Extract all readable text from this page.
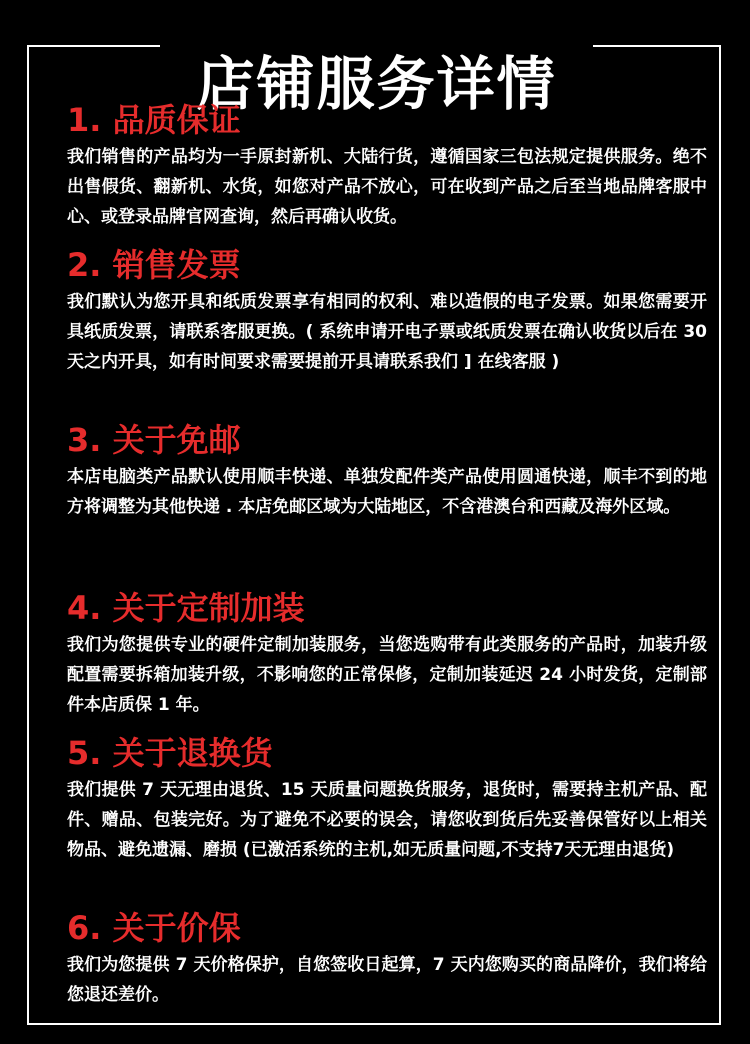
店铺服务详情
1. 品质保证

我们销售的产品均为一手原封新机、大陆行货，遵循国家三包法规定提供服务。绝不出售假货、翻新机、水货，如您对产品不放心，可在收到产品之后至当地品牌客服中心、或登录品牌官网查询，然后再确认收货。

2. 销售发票

我们默认为您开具和纸质发票享有相同的权利、难以造假的电子发票。如果您需要开具纸质发票，请联系客服更换。( 系统申请开电子票或纸质发票在确认收货以后在 30 天之内开具，如有时间要求需要提前开具请联系我们 ] 在线客服 )

3. 关于免邮

本店电脑类产品默认使用顺丰快递、单独发配件类产品使用圆通快递，顺丰不到的地方将调整为其他快递 . 本店免邮区域为大陆地区，不含港澳台和西藏及海外区域。

4. 关于定制加装

我们为您提供专业的硬件定制加装服务，当您选购带有此类服务的产品时，加装升级配置需要拆箱加装升级，不影响您的正常保修，定制加装延迟 24 小时发货，定制部件本店质保 1 年。

5. 关于退换货

我们提供 7 天无理由退货、15 天质量问题换货服务，退货时，需要持主机产品、配件、赠品、包装完好。为了避免不必要的误会，请您收到货后先妥善保管好以上相关物品、避免遗漏、磨损 (已激活系统的主机,如无质量问题,不支持7天无理由退货)

6. 关于价保

我们为您提供 7 天价格保护，自您签收日起算，7 天内您购买的商品降价，我们将给您退还差价。
